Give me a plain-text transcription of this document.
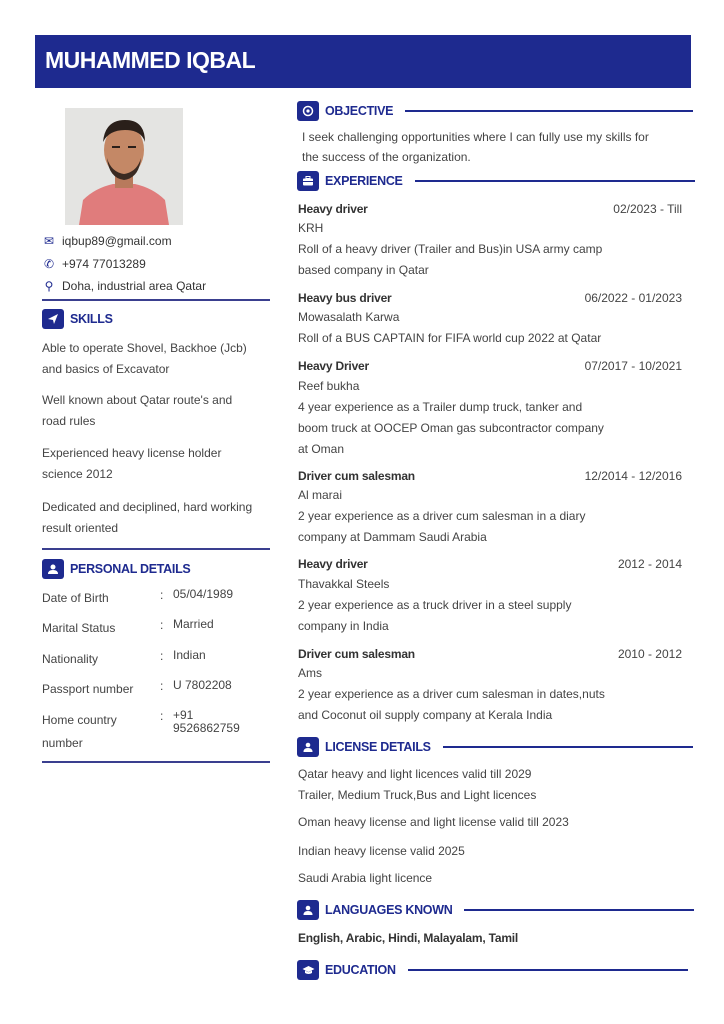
MUHAMMED IQBAL
✉ iqbup89@gmail.com
✆ +974 77013289
⚲ Doha, industrial area Qatar
SKILLS
Able to operate Shovel, Backhoe (Jcb)
and basics of Excavator
Well known about Qatar route's and
road rules
Experienced heavy license holder
science 2012
Dedicated and deciplined, hard working
result oriented
PERSONAL DETAILS
Date of Birth	: 05/04/1989
Marital Status	: Married
Nationality	: Indian
Passport number : U 7802208
Home country
number
: +91
9526862759
OBJECTIVE
I seek challenging opportunities where I can fully use my skills for
the success of the organization.
EXPERIENCE
Heavy driver	02/2023 - Till
KRH
Roll of a heavy driver (Trailer and Bus)in USA army camp
based company in Qatar
Heavy bus driver	06/2022 - 01/2023
Mowasalath Karwa
Roll of a BUS CAPTAIN for FIFA world cup 2022 at Qatar
Heavy Driver	07/2017 - 10/2021
Reef bukha
4 year experience as a Trailer dump truck, tanker and
boom truck at OOCEP Oman gas subcontractor company
at Oman
Driver cum salesman	12/2014 - 12/2016
Al marai
2 year experience as a driver cum salesman in a diary
company at Dammam Saudi Arabia
Heavy driver	2012 - 2014
Thavakkal Steels
2 year experience as a truck driver in a steel supply
company in India
Driver cum salesman	2010 - 2012
Ams
2 year experience as a driver cum salesman in dates,nuts
and Coconut oil supply company at Kerala India
LICENSE DETAILS
Qatar heavy and light licences valid till 2029
Trailer, Medium Truck,Bus and Light licences
Oman heavy license and light license valid till 2023
Indian heavy license valid 2025
Saudi Arabia light licence
LANGUAGES KNOWN
English, Arabic, Hindi, Malayalam, Tamil
EDUCATION
